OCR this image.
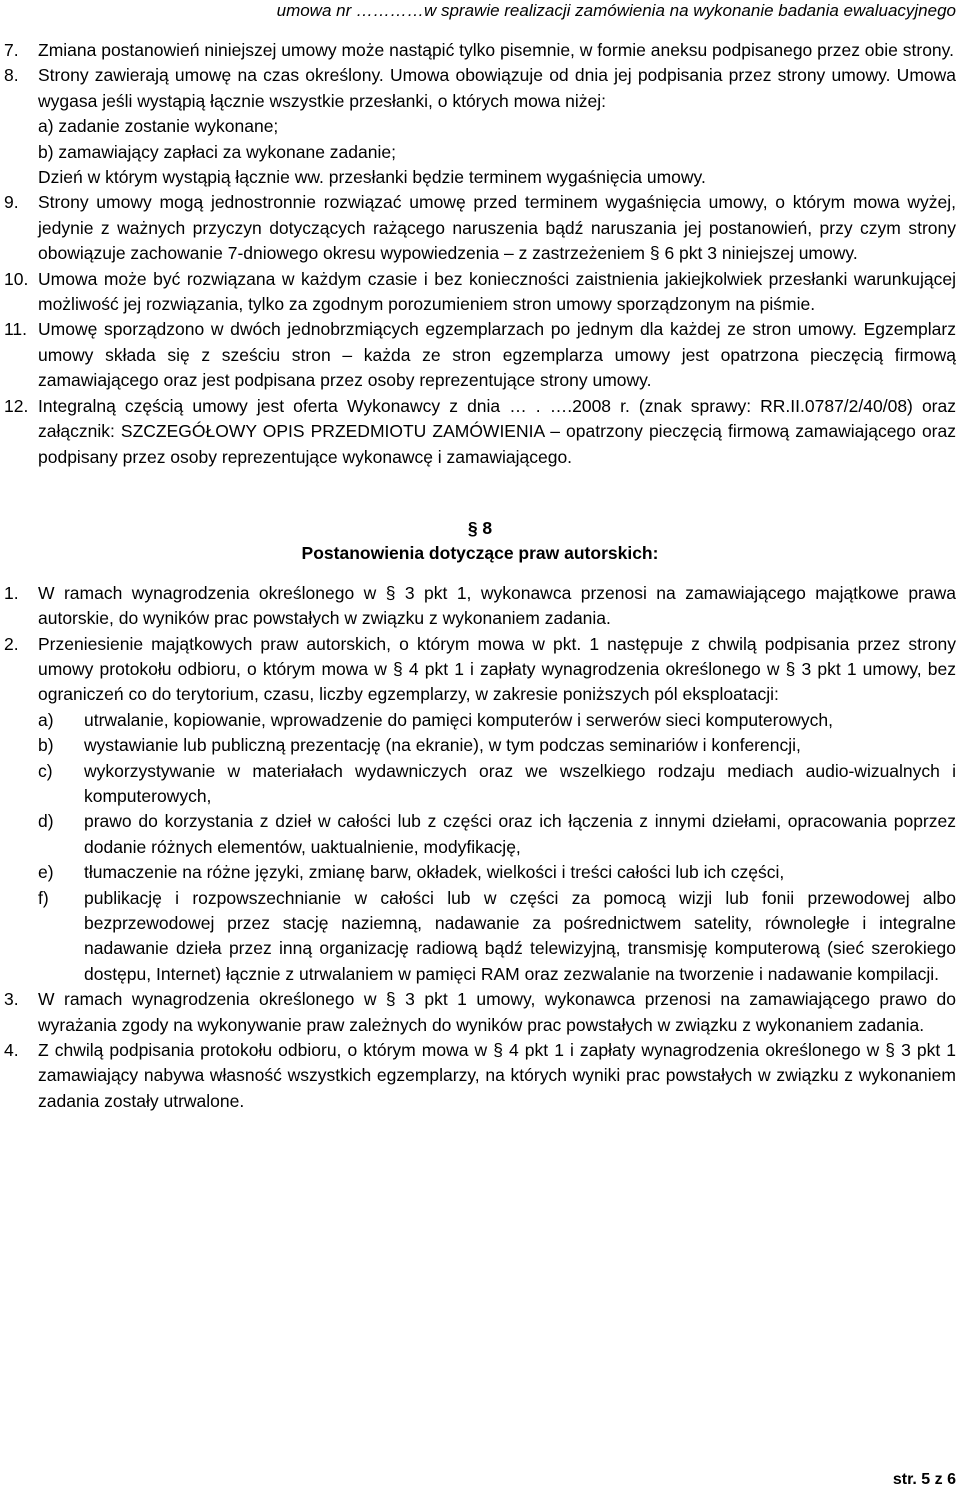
umowa nr …………w sprawie realizacji zamówienia na wykonanie badania ewaluacyjnego
7.	Zmiana postanowień niniejszej umowy może nastąpić tylko pisemnie, w formie aneksu podpisanego przez obie strony.
8.	Strony zawierają umowę na czas określony. Umowa obowiązuje od dnia jej podpisania przez strony umowy. Umowa wygasa jeśli wystąpią łącznie wszystkie przesłanki, o których mowa niżej:
a) zadanie zostanie wykonane;
b) zamawiający zapłaci za wykonane zadanie;
Dzień w którym wystąpią łącznie ww. przesłanki będzie terminem wygaśnięcia umowy.
9.	Strony umowy mogą jednostronnie rozwiązać umowę przed terminem wygaśnięcia umowy, o którym mowa wyżej, jedynie z ważnych przyczyn dotyczących rażącego naruszenia bądź naruszania jej postanowień, przy czym strony obowiązuje zachowanie 7-dniowego okresu wypowiedzenia – z zastrzeżeniem § 6 pkt 3 niniejszej umowy.
10. Umowa może być rozwiązana w każdym czasie i bez konieczności zaistnienia jakiejkolwiek przesłanki warunkującej możliwość jej rozwiązania, tylko za zgodnym porozumieniem stron umowy sporządzonym na piśmie.
11. Umowę sporządzono w dwóch jednobrzmiących egzemplarzach po jednym dla każdej ze stron umowy. Egzemplarz umowy składa się z sześciu stron – każda ze stron egzemplarza umowy jest opatrzona pieczęcią firmową zamawiającego oraz jest podpisana przez osoby reprezentujące strony umowy.
12. Integralną częścią umowy jest oferta Wykonawcy z dnia … . ….2008 r. (znak sprawy: RR.II.0787/2/40/08) oraz załącznik: SZCZEGÓŁOWY OPIS PRZEDMIOTU ZAMÓWIENIA – opatrzony pieczęcią firmową zamawiającego oraz podpisany przez osoby reprezentujące wykonawcę i zamawiającego.
§ 8
Postanowienia dotyczące praw autorskich:
1.	W ramach wynagrodzenia określonego w § 3 pkt 1, wykonawca przenosi na zamawiającego majątkowe prawa autorskie, do wyników prac powstałych w związku z wykonaniem zadania.
2.	Przeniesienie majątkowych praw autorskich, o którym mowa w pkt. 1 następuje z chwilą podpisania przez strony umowy protokołu odbioru, o którym mowa w § 4 pkt 1 i zapłaty wynagrodzenia określonego w § 3 pkt 1 umowy, bez ograniczeń co do terytorium, czasu, liczby egzemplarzy, w zakresie poniższych pól eksploatacji:
a)	utrwalanie, kopiowanie, wprowadzenie do pamięci komputerów i serwerów sieci komputerowych,
b)	wystawianie lub publiczną prezentację (na ekranie), w tym podczas seminariów i konferencji,
c)	wykorzystywanie w materiałach wydawniczych oraz we wszelkiego rodzaju mediach audio-wizualnych i komputerowych,
d)	prawo do korzystania z dzieł w całości lub z części oraz ich łączenia z innymi dziełami, opracowania poprzez dodanie różnych elementów, uaktualnienie, modyfikację,
e)	tłumaczenie na różne języki, zmianę barw, okładek, wielkości i treści całości lub ich części,
f)	publikację i rozpowszechnianie w całości lub w części za pomocą wizji lub fonii przewodowej albo bezprzewodowej przez stację naziemną, nadawanie za pośrednictwem satelity, równoległe i integralne nadawanie dzieła przez inną organizację radiową bądź telewizyjną, transmisję komputerową (sieć szerokiego dostępu, Internet) łącznie z utrwalaniem w pamięci RAM oraz zezwalanie na tworzenie i nadawanie kompilacji.
3.	W ramach wynagrodzenia określonego w § 3 pkt 1 umowy, wykonawca przenosi na zamawiającego prawo do wyrażania zgody na wykonywanie praw zależnych do wyników prac powstałych w związku z wykonaniem zadania.
4.	Z chwilą podpisania protokołu odbioru, o którym mowa w § 4 pkt 1 i zapłaty wynagrodzenia określonego w § 3 pkt 1 zamawiający nabywa własność wszystkich egzemplarzy, na których wyniki prac powstałych w związku z wykonaniem zadania zostały utrwalone.
str. 5 z 6
